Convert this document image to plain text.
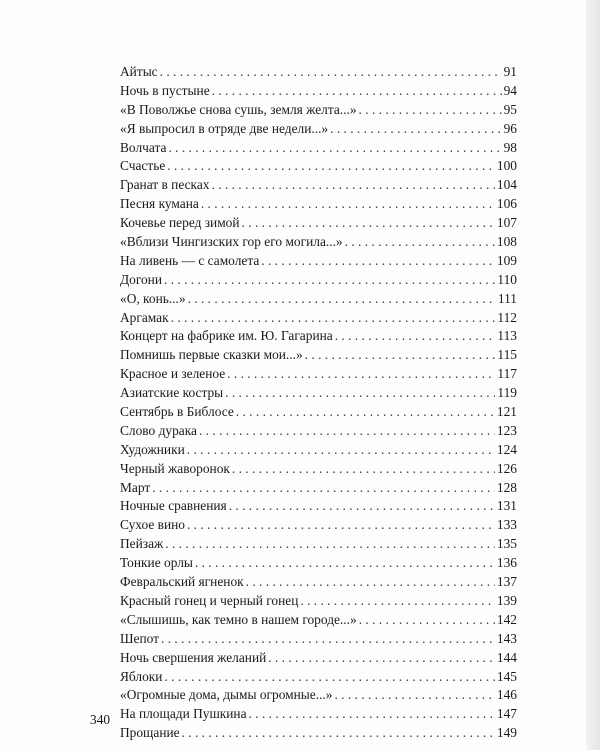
Айтыс . . .	91
Ночь в пустыне . . .	94
«В Поволжье снова сушь, земля желта...» . . .	95
«Я выпросил в отряде две недели...» . . .	96
Волчата . . .	98
Счастье . . .	100
Гранат в песках . . .	104
Песня кумана . . .	106
Кочевье перед зимой . . .	107
«Вблизи Чингизских гор его могила...» . . .	108
На ливень — с самолета . . .	109
Догони . . .	110
«О, конь...» . . .	111
Аргамак . . .	112
Концерт на фабрике им. Ю. Гагарина . . .	113
Помнишь первые сказки мои...» . . .	115
Красное и зеленое . . .	117
Азиатские костры . . .	119
Сентябрь в Библосе . . .	121
Слово дурака . . .	123
Художники . . .	124
Черный жаворонок . . .	126
Март . . .	128
Ночные сравнения . . .	131
Сухое вино . . .	133
Пейзаж . . .	135
Тонкие орлы . . .	136
Февральский ягненок . . .	137
Красный гонец и черный гонец . . .	139
«Слышишь, как темно в нашем городе...» . . .	142
Шепот . . .	143
Ночь свершения желаний . . .	144
Яблоки . . .	145
«Огромные дома, дымы огромные...» . . .	146
На площади Пушкина . . .	147
Прощание . . .	149
340
